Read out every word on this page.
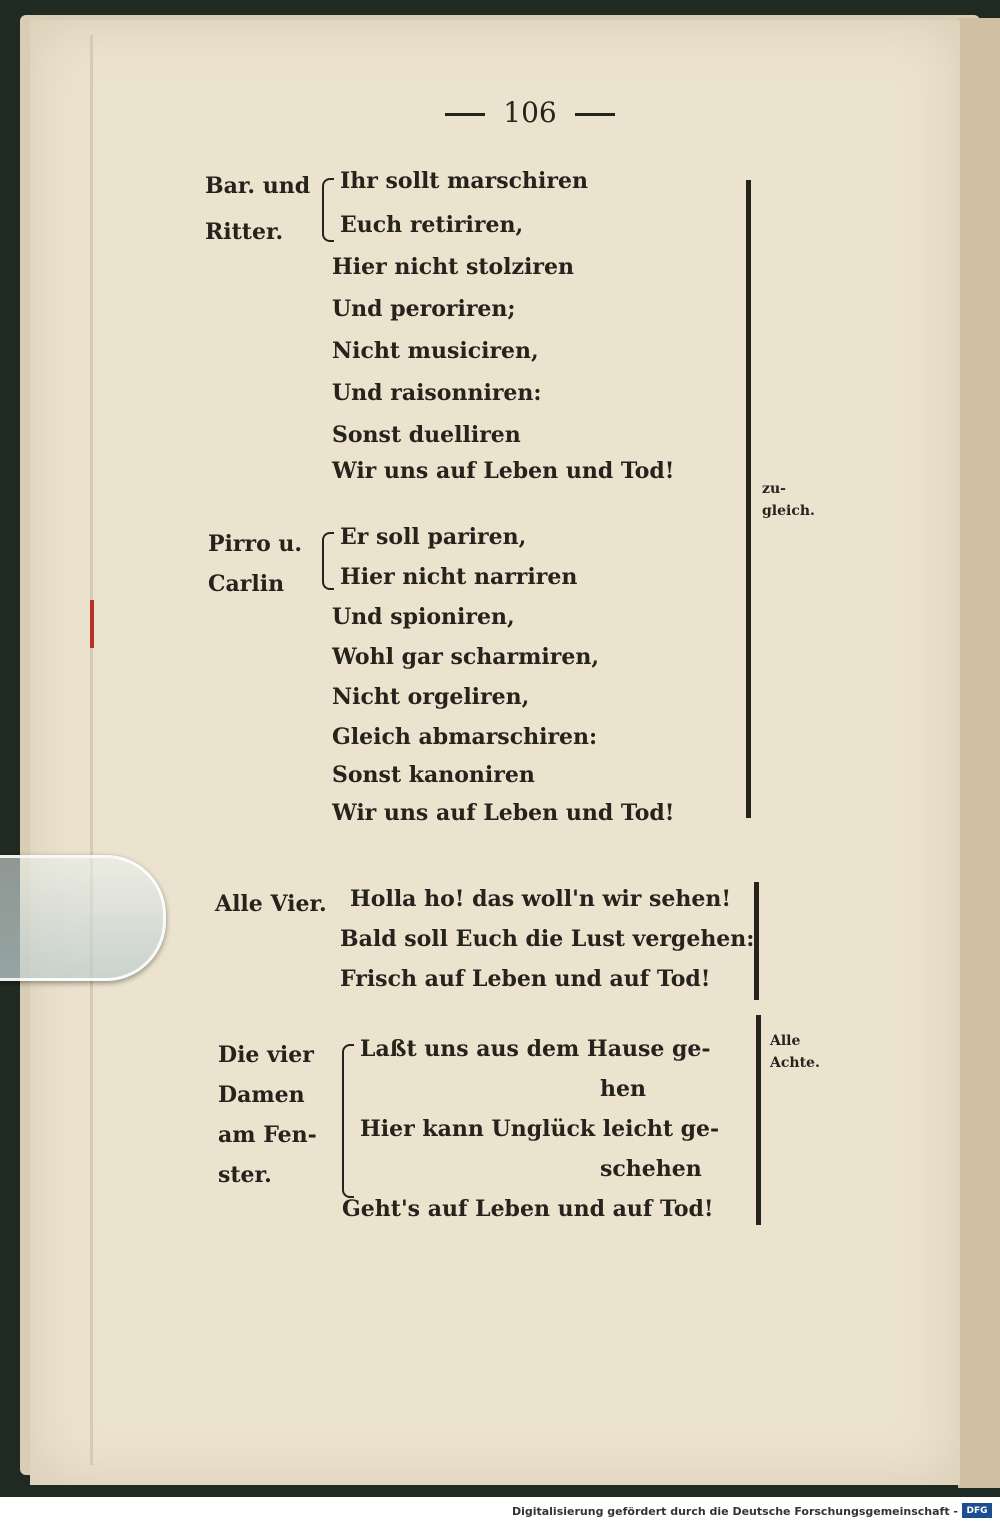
106
Bar. und
Ritter.
Ihr sollt marschiren
Euch retiriren,
Hier nicht stolziren
Und peroriren;
Nicht musiciren,
Und raisonniren:
Sonst duelliren
Wir uns auf Leben und Tod!
Pirro u.
Carlin
Er soll pariren,
Hier nicht narriren
Und spioniren,
Wohl gar scharmiren,
Nicht orgeliren,
Gleich abmarschiren:
Sonst kanoniren
Wir uns auf Leben und Tod!
zu-
gleich.
Alle Vier. Holla ho! das woll'n wir sehen!
Bald soll Euch die Lust vergehen:
Frisch auf Leben und auf Tod!
Die vier
Damen
am Fen-
ster.
Laßt uns aus dem Hause ge-
hen
Hier kann Unglück leicht ge-
schehen
Geht's auf Leben und auf Tod!
Alle
Achte.
Digitalisierung gefördert durch die Deutsche Forschungsgemeinschaft - DFG
